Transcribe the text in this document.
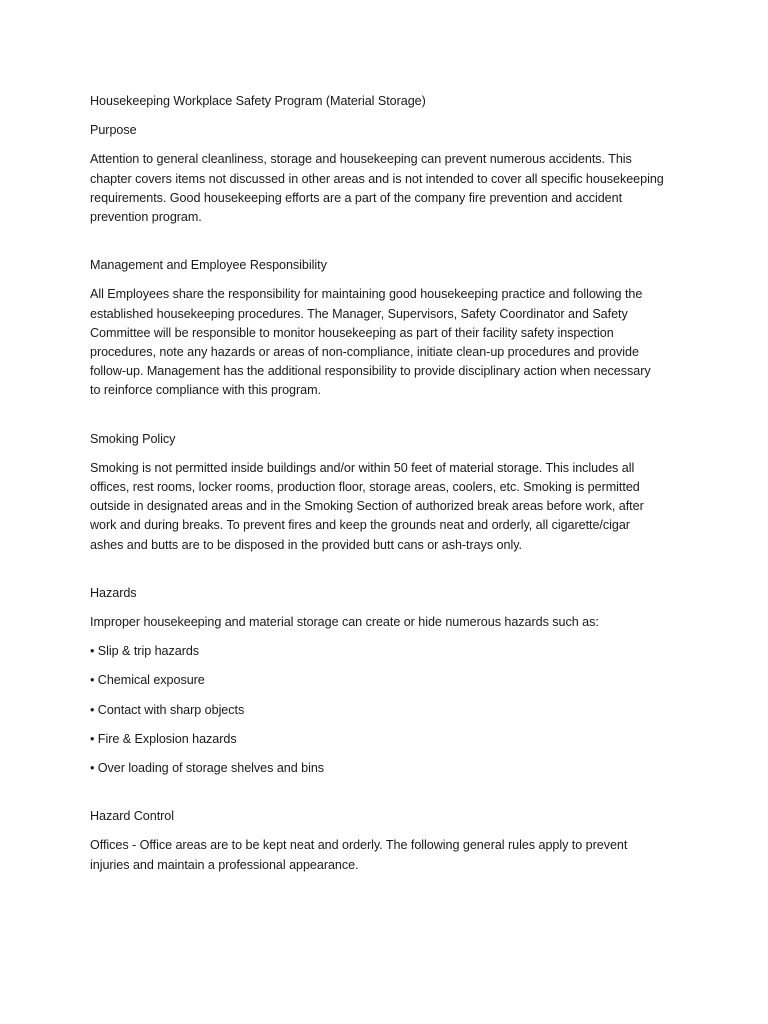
Housekeeping Workplace Safety Program (Material Storage)
Purpose
Attention to general cleanliness, storage and housekeeping can prevent numerous accidents. This
chapter covers items not discussed in other areas and is not intended to cover all specific housekeeping
requirements. Good housekeeping efforts are a part of the company fire prevention and accident
prevention program.
Management and Employee Responsibility
All Employees share the responsibility for maintaining good housekeeping practice and following the
established housekeeping procedures. The Manager, Supervisors, Safety Coordinator and Safety
Committee will be responsible to monitor housekeeping as part of their facility safety inspection
procedures, note any hazards or areas of non-compliance, initiate clean-up procedures and provide
follow-up. Management has the additional responsibility to provide disciplinary action when necessary
to reinforce compliance with this program.
Smoking Policy
Smoking is not permitted inside buildings and/or within 50 feet of material storage. This includes all
offices, rest rooms, locker rooms, production floor, storage areas, coolers, etc. Smoking is permitted
outside in designated areas and in the Smoking Section of authorized break areas before work, after
work and during breaks. To prevent fires and keep the grounds neat and orderly, all cigarette/cigar
ashes and butts are to be disposed in the provided butt cans or ash-trays only.
Hazards
Improper housekeeping and material storage can create or hide numerous hazards such as:
• Slip & trip hazards
• Chemical exposure
• Contact with sharp objects
• Fire & Explosion hazards
• Over loading of storage shelves and bins
Hazard Control
Offices - Office areas are to be kept neat and orderly. The following general rules apply to prevent
injuries and maintain a professional appearance.
